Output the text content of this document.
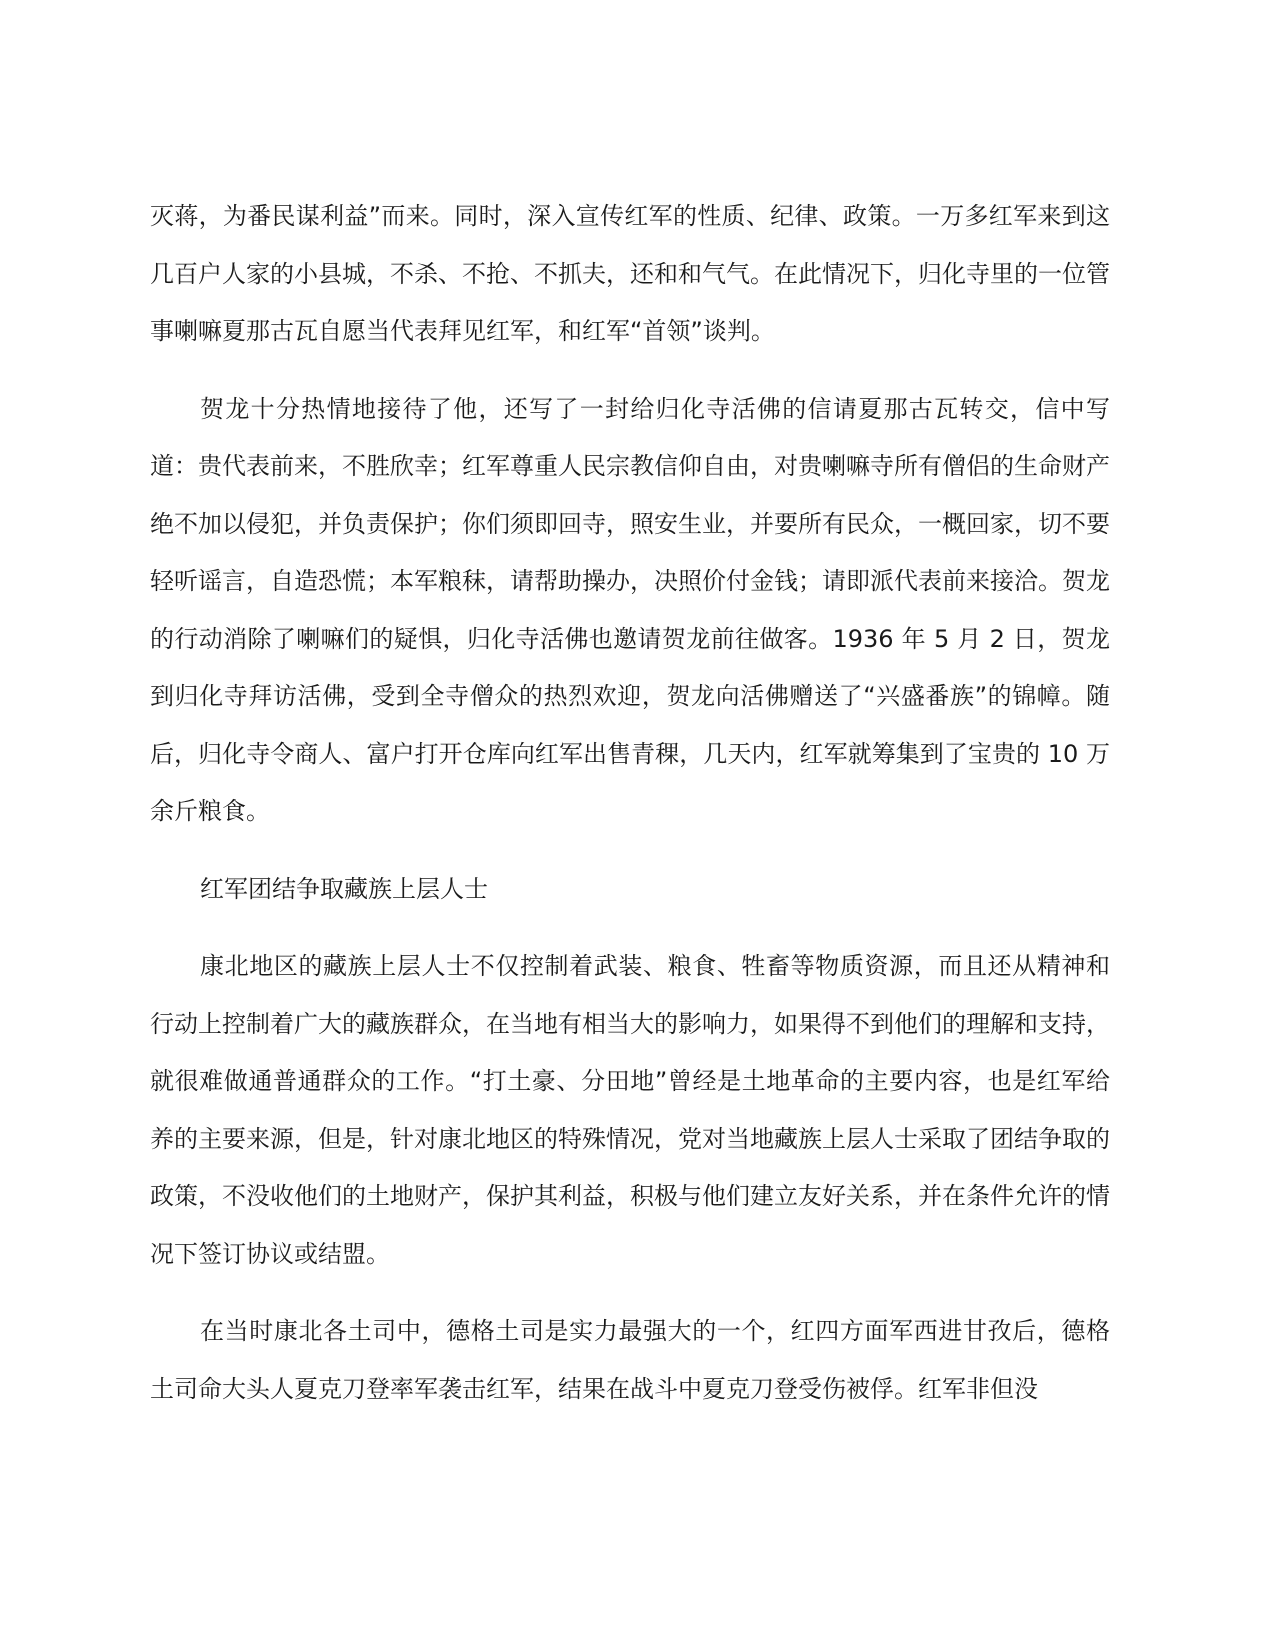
灭蒋，为番民谋利益”而来。同时，深入宣传红军的性质、纪律、政策。一万多红军来到这几百户人家的小县城，不杀、不抢、不抓夫，还和和气气。在此情况下，归化寺里的一位管事喇嘛夏那古瓦自愿当代表拜见红军，和红军“首领”谈判。

贺龙十分热情地接待了他，还写了一封给归化寺活佛的信请夏那古瓦转交，信中写道：贵代表前来，不胜欣幸；红军尊重人民宗教信仰自由，对贵喇嘛寺所有僧侣的生命财产绝不加以侵犯，并负责保护；你们须即回寺，照安生业，并要所有民众，一概回家，切不要轻听谣言，自造恐慌；本军粮秣，请帮助操办，决照价付金钱；请即派代表前来接洽。贺龙的行动消除了喇嘛们的疑惧，归化寺活佛也邀请贺龙前往做客。1936 年 5 月 2 日，贺龙到归化寺拜访活佛，受到全寺僧众的热烈欢迎，贺龙向活佛赠送了“兴盛番族”的锦幛。随后，归化寺令商人、富户打开仓库向红军出售青稞，几天内，红军就筹集到了宝贵的 10 万余斤粮食。

红军团结争取藏族上层人士

康北地区的藏族上层人士不仅控制着武装、粮食、牲畜等物质资源，而且还从精神和行动上控制着广大的藏族群众，在当地有相当大的影响力，如果得不到他们的理解和支持，就很难做通普通群众的工作。“打土豪、分田地”曾经是土地革命的主要内容，也是红军给养的主要来源，但是，针对康北地区的特殊情况，党对当地藏族上层人士采取了团结争取的政策，不没收他们的土地财产，保护其利益，积极与他们建立友好关系，并在条件允许的情况下签订协议或结盟。

在当时康北各土司中，德格土司是实力最强大的一个，红四方面军西进甘孜后，德格土司命大头人夏克刀登率军袭击红军，结果在战斗中夏克刀登受伤被俘。红军非但没
